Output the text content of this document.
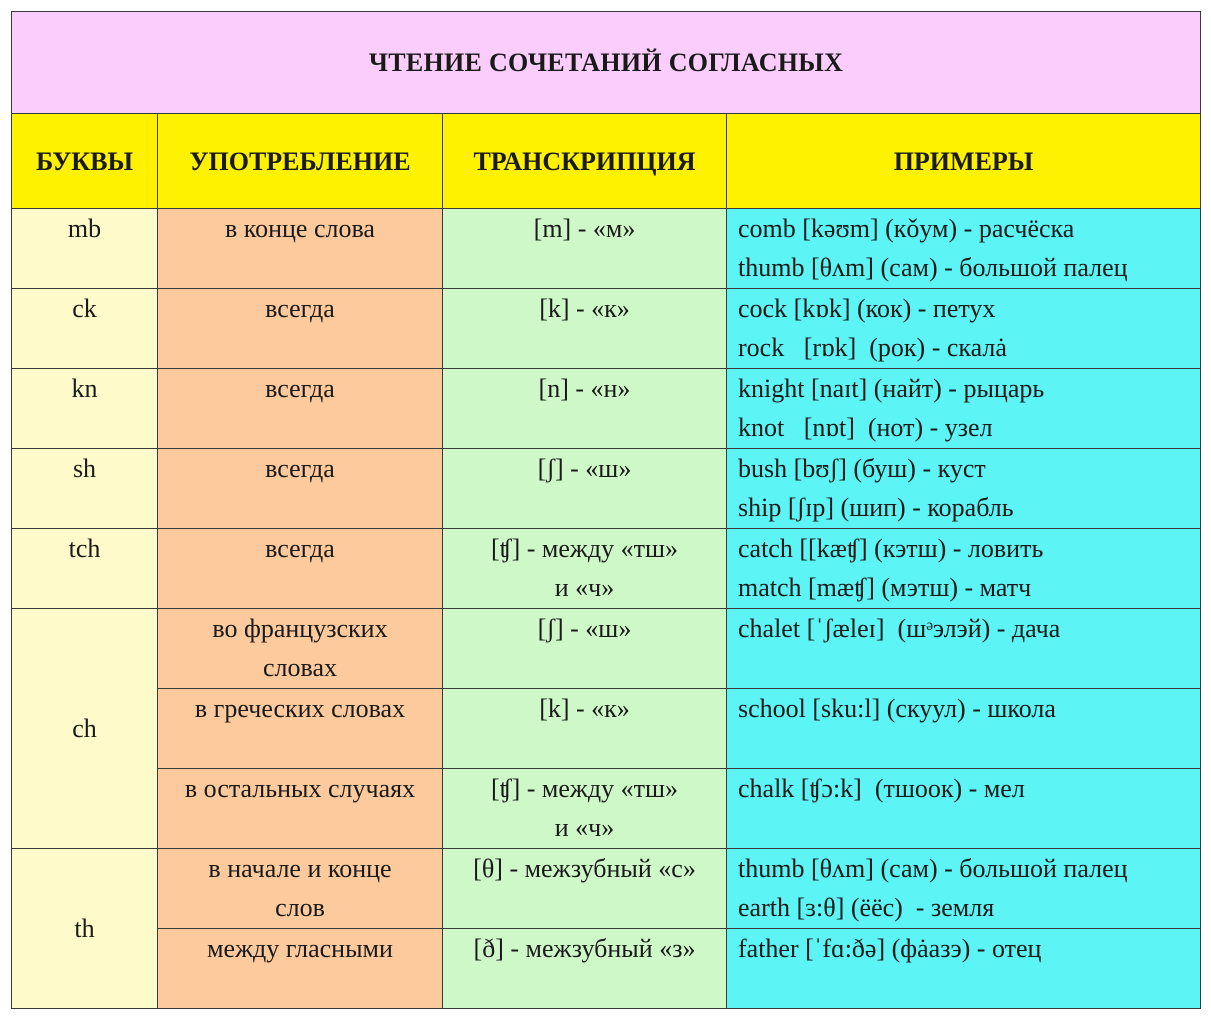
ЧТЕНИЕ СОЧЕТАНИЙ СОГЛАСНЫХ			
БУКВЫ	УПОТРЕБЛЕНИЕ	ТРАНСКРИПЦИЯ	ПРИМЕРЫ
mb	в конце слова	[m] - «м»	comb [kəʊm] (кǒум) - расчёска
thumb [θʌm] (сам) - большой палец

ck	всегда	[k] - «к»	cock [kɒk] (кок) - петух
rock   [rɒk]  (рок) - скалȧ

kn	всегда	[n] - «н»	knight [naɪt] (найт) - рыцарь
knot   [nɒt]  (нот) - узел

sh	всегда	[ʃ] - «ш»	bush [bʊʃ] (буш) - куст
ship [ʃɪp] (шип) - корабль

tch	всегда	[ʧ] - между «тш»
и «ч»	catch [[kæʧ] (кэтш) - ловить
match [mæʧ] (мэтш) - матч

ch	во французских
словах	[ʃ] - «ш»	chalet [ˈʃæleɪ]  (шᵊэлэй) - дача

	в греческих словах	[k] - «к»	school [sku:l] (скуул) - школа

	в остальных случаях	[ʧ] - между «тш»
и «ч»	chalk [ʧɔ:k]  (тшоок) - мел

th	в начале и конце
слов	[θ] - межзубный «с»	thumb [θʌm] (сам) - большой палец
earth [ɜ:θ] (ёёс)  - земля

	между гласными	[ð] - межзубный «з»	father [ˈfɑ:ðə] (фȧазэ) - отец
